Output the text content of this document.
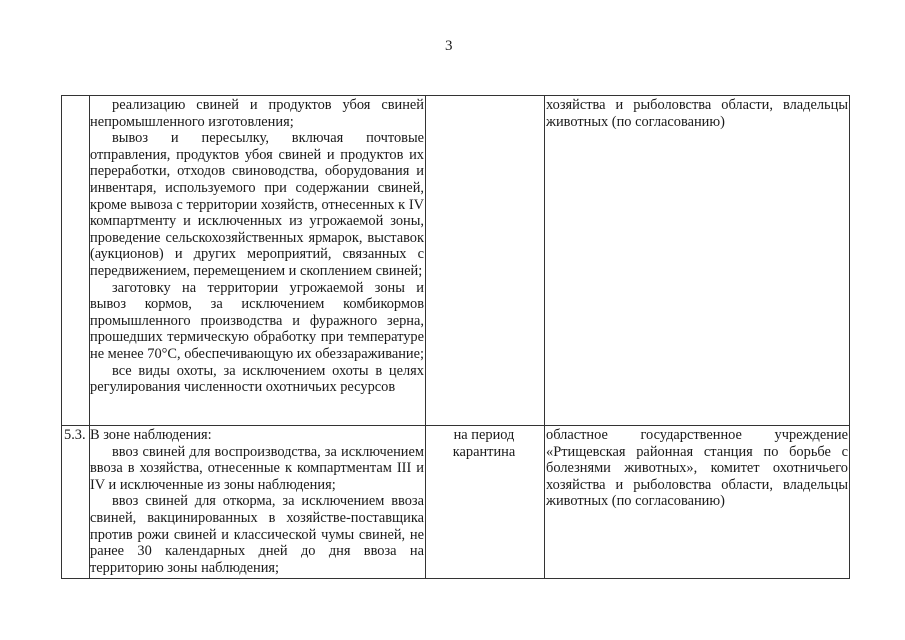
3
реализацию свиней и продуктов убоя свиней непромышленного изготовления;
вывоз и пересылку, включая почтовые отправления, продуктов убоя свиней и продуктов их переработки, отходов свиноводства, оборудования и инвентаря, используемого при содержании свиней, кроме вывоза с территории хозяйств, отнесенных к IV компартменту и исключенных из угрожаемой зоны, проведение сельскохозяйственных ярмарок, выставок (аукционов) и других мероприятий, связанных с передвижением, перемещением и скоплением свиней;
заготовку на территории угрожаемой зоны и вывоз кормов, за исключением комбикормов промышленного производства и фуражного зерна, прошедших термическую обработку при температуре не менее 70°С, обеспечивающую их обеззараживание;
все виды охоты, за исключением охоты в целях регулирования численности охотничьих ресурсов
хозяйства и рыболовства области, владельцы животных (по согласованию)
5.3. В зоне наблюдения:
ввоз свиней для воспроизводства, за исключением ввоза в хозяйства, отнесенные к компартментам III и IV и исключенные из зоны наблюдения;
ввоз свиней для откорма, за исключением ввоза свиней, вакцинированных в хозяйстве-поставщика против рожи свиней и классической чумы свиней, не ранее 30 календарных дней до дня ввоза на территорию зоны наблюдения;
на период карантина
областное государственное учреждение «Ртищевская районная станция по борьбе с болезнями животных», комитет охотничьего хозяйства и рыболовства области, владельцы животных (по согласованию)
